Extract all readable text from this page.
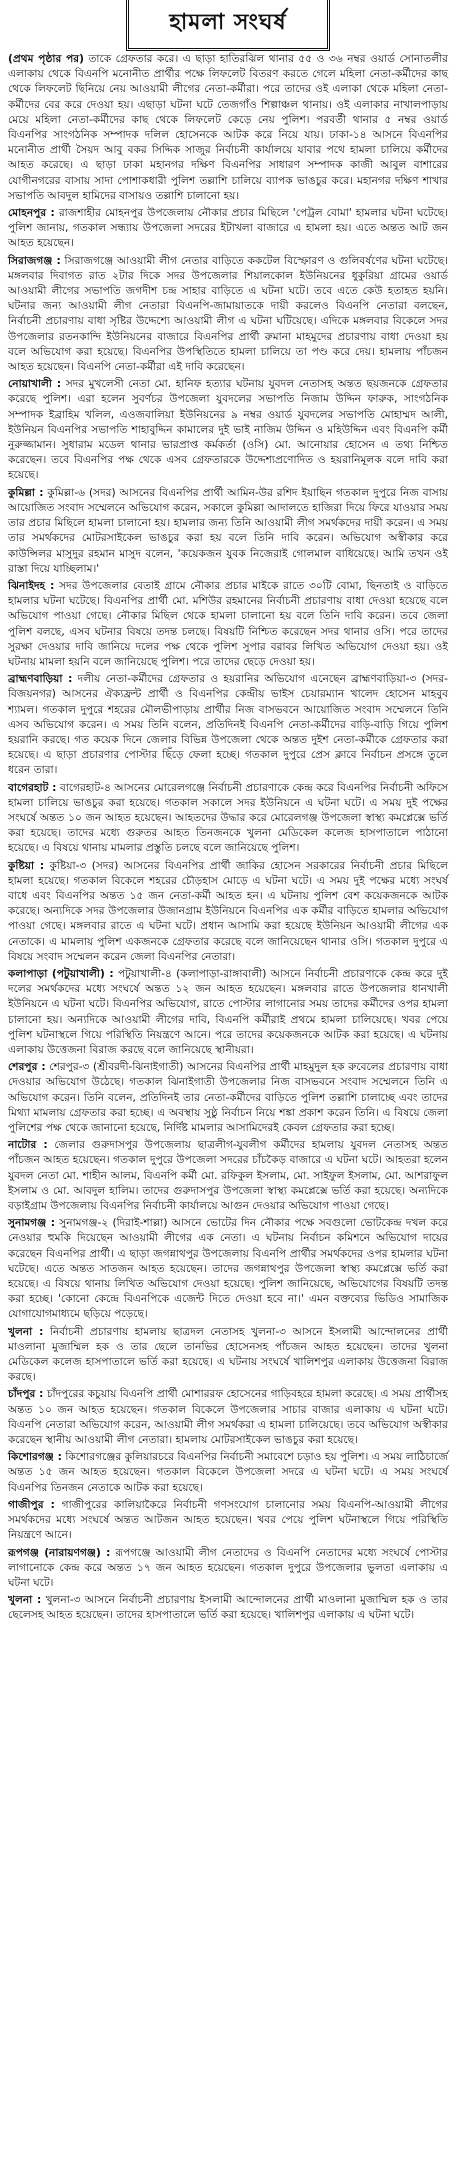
হামলা সংঘর্ষ

(প্রথম পৃষ্ঠার পর) তাকে গ্রেফতার করে। এ ছাড়া হাতিরঝিল থানার ৫৫ ও ৩৬ নম্বর ওয়ার্ড সোনাতলীর এলাকায় থেকে বিএনপি মনোনীত প্রার্থীর পক্ষে লিফলেট বিতরণ করতে গেলে মহিলা নেতা-কর্মীদের কাছ থেকে লিফলেট ছিনিয়ে নেয় আওয়ামী লীগের নেতা-কর্মীরা। পরে তাদের ওই এলাকা থেকে মহিলা নেতা-কর্মীদের বের করে দেওয়া হয়। এছাড়া ঘটনা ঘটে তেজগাঁও শিল্পাঞ্চল থানায়। ওই এলাকার নাখালপাড়ায় মেয়ে মহিলা নেতা-কর্মীদের কাছ থেকে লিফলেট কেড়ে নেয় পুলিশ। পরবর্তী থানার ৫ নম্বর ওয়ার্ড বিএনপির সাংগঠনিক সম্পাদক দলিল হোসেনকে আটক করে নিয়ে যায়। ঢাকা-১৪ আসনে বিএনপির মনোনীত প্রার্থী সৈয়দ আবু বকর সিদ্দিক সাজুর নির্বাচনী কার্যালয়ে যাবার পথে হামলা চালিয়ে কর্মীদের আহত করেছে। এ ছাড়া ঢাকা মহানগর দক্ষিণ বিএনপির সাধারণ সম্পাদক কাজী আবুল বাশারের যোগীনগরের বাসায় সাদা পোশাকধারী পুলিশ তল্লাশি চালিয়ে ব্যাপক ভাঙচুর করে। মহানগর দক্ষিণ শাখার সভাপতি আবদুল হামিদের বাসায়ও তল্লাশি চালানো হয়।

মোহনপুর : রাজশাহীর মোহনপুর উপজেলায় নৌকার প্রচার মিছিলে 'পেট্রল বোমা' হামলার ঘটনা ঘটেছে। পুলিশ জানায়, গতকাল সন্ধ্যায় উপজেলা সদরের ইটাখলা বাজারে এ হামলা হয়। এতে অন্তত আট জন আহত হয়েছেন।

সিরাজগঞ্জ : সিরাজগঞ্জে আওয়ামী লীগ নেতার বাড়িতে ককটেল বিস্ফোরণ ও গুলিবর্ষণের ঘটনা ঘটেছে। মঙ্গলবার দিবাগত রাত ২টার দিকে সদর উপজেলার শিয়ালকোল ইউনিয়নের ধুকুরিয়া গ্রামের ওয়ার্ড আওয়ামী লীগের সভাপতি জগদীশ চন্দ্র সাহার বাড়িতে এ ঘটনা ঘটে। তবে এতে কেউ হতাহত হয়নি। ঘটনার জন্য আওয়ামী লীগ নেতারা বিএনপি-জামায়াতকে দায়ী করলেও বিএনপি নেতারা বলছেন, নির্বাচনী প্রচারণায় বাধা সৃষ্টির উদ্দেশ্যে আওয়ামী লীগ এ ঘটনা ঘটিয়েছে। এদিকে মঙ্গলবার বিকেলে সদর উপজেলার রতনকান্দি ইউনিয়নের বাজারে বিএনপির প্রার্থী রুমানা মাহমুদের প্রচারণায় বাধা দেওয়া হয় বলে অভিযোগ করা হয়েছে। বিএনপির উপস্থিতিতে হামলা চালিয়ে তা পণ্ড করে দেয়। হামলায় পাঁচজন আহত হয়েছেন। বিএনপি নেতা-কর্মীরা এই দাবি করেছেন।

নোয়াখালী : সদর মুখলেসী নেতা মো. হানিফ হত্যার ঘটনায় যুবদল নেতাসহ অন্তত ছয়জনকে গ্রেফতার করেছে পুলিশ। এরা হলেন সুবর্ণচর উপজেলা যুবদলের সভাপতি নিজাম উদ্দিন ফারুক, সাংগঠনিক সম্পাদক ইব্রাহিম খলিল, এওজবালিয়া ইউনিয়নের ৯ নম্বর ওয়ার্ড যুবদলের সভাপতি মোহাম্মদ আলী, ইউনিয়ন বিএনপির সভাপতি শাহাবুদ্দিন কামালের দুই ভাই নাজিম উদ্দিন ও মহিউদ্দিন এবং বিএনপি কর্মী নুরুজ্জামান। সুধারাম মডেল থানার ভারপ্রাপ্ত কর্মকর্তা (ওসি) মো. আনোয়ার হোসেন এ তথ্য নিশ্চিত করেছেন। তবে বিএনপির পক্ষ থেকে এসব গ্রেফতারকে উদ্দেশ্যপ্রণোদিত ও হয়রানিমূলক বলে দাবি করা হয়েছে।

কুমিল্লা : কুমিল্লা-৬ (সদর) আসনের বিএনপির প্রার্থী আমিন-উর রশিদ ইয়াছিন গতকাল দুপুরে নিজ বাসায় আয়োজিত সংবাদ সম্মেলনে অভিযোগ করেন, সকালে কুমিল্লা আদালতে হাজিরা দিয়ে ফিরে যাওয়ার সময় তার প্রচার মিছিলে হামলা চালানো হয়। হামলার জন্য তিনি আওয়ামী লীগ সমর্থকদের দায়ী করেন। এ সময় তার সমর্থকদের মোটরসাইকেল ভাঙচুর করা হয় বলে তিনি দাবি করেন। অভিযোগ অস্বীকার করে কাউন্সিলর মাসুদুর রহমান মাসুদ বলেন, 'কয়েকজন যুবক নিজেরাই গোলমাল বাধিয়েছে। আমি তখন ওই রাস্তা দিয়ে যাচ্ছিলাম।'

ঝিনাইদহ : সদর উপজেলার বেতাই গ্রামে নৌকার প্রচার মাইকে রাতে ৩০টি বোমা, ছিনতাই ও বাড়িতে হামলার ঘটনা ঘটেছে। বিএনপির প্রার্থী মো. মশিউর রহমানের নির্বাচনী প্রচারণায় বাধা দেওয়া হয়েছে বলে অভিযোগ পাওয়া গেছে। নৌকার মিছিল থেকে হামলা চালানো হয় বলে তিনি দাবি করেন। তবে জেলা পুলিশ বলছে, এসব ঘটনার বিষয়ে তদন্ত চলছে। বিষয়টি নিশ্চিত করেছেন সদর থানার ওসি। পরে তাদের সুরক্ষা দেওয়ার দাবি জানিয়ে দলের পক্ষ থেকে পুলিশ সুপার বরাবর লিখিত অভিযোগ দেওয়া হয়। ওই ঘটনায় মামলা হয়নি বলে জানিয়েছে পুলিশ। পরে তাদের ছেড়ে দেওয়া হয়।

ব্রাহ্মণবাড়িয়া : দলীয় নেতা-কর্মীদের গ্রেফতার ও হয়রানির অভিযোগ এনেছেন ব্রাহ্মণবাড়িয়া-৩ (সদর-বিজয়নগর) আসনের ঐক্যফ্রন্ট প্রার্থী ও বিএনপির কেন্দ্রীয় ভাইস চেয়ারম্যান খালেদ হোসেন মাহবুব শ্যামল। গতকাল দুপুরে শহরের মৌলভীপাড়ায় প্রার্থীর নিজ বাসভবনে আয়োজিত সংবাদ সম্মেলনে তিনি এসব অভিযোগ করেন। এ সময় তিনি বলেন, প্রতিদিনই বিএনপি নেতা-কর্মীদের বাড়ি-বাড়ি গিয়ে পুলিশ হয়রানি করছে। গত কয়েক দিনে জেলার বিভিন্ন উপজেলা থেকে অন্তত দুইশ নেতা-কর্মীকে গ্রেফতার করা হয়েছে। এ ছাড়া প্রচারণার পোস্টার ছিঁড়ে ফেলা হচ্ছে। গতকাল দুপুরে প্রেস ক্লাবে নির্বাচন প্রসঙ্গে তুলে ধরেন তারা।

বাগেরহাট : বাগেরহাট-৪ আসনের মোরেলগঞ্জে নির্বাচনী প্রচারণাকে কেন্দ্র করে বিএনপির নির্বাচনী অফিসে হামলা চালিয়ে ভাঙচুর করা হয়েছে। গতকাল সকালে সদর ইউনিয়নে এ ঘটনা ঘটে। এ সময় দুই পক্ষের সংঘর্ষে অন্তত ১০ জন আহত হয়েছেন। আহতদের উদ্ধার করে মোরেলগঞ্জ উপজেলা স্বাস্থ্য কমপ্লেক্সে ভর্তি করা হয়েছে। তাদের মধ্যে গুরুতর আহত তিনজনকে খুলনা মেডিকেল কলেজ হাসপাতালে পাঠানো হয়েছে। এ বিষয়ে থানায় মামলার প্রস্তুতি চলছে বলে জানিয়েছে পুলিশ।

কুষ্টিয়া : কুষ্টিয়া-৩ (সদর) আসনের বিএনপির প্রার্থী জাকির হোসেন সরকারের নির্বাচনী প্রচার মিছিলে হামলা হয়েছে। গতকাল বিকেলে শহরের চৌড়হাস মোড়ে এ ঘটনা ঘটে। এ সময় দুই পক্ষের মধ্যে সংঘর্ষ বাধে এবং বিএনপির অন্তত ১৫ জন নেতা-কর্মী আহত হন। এ ঘটনায় পুলিশ বেশ কয়েকজনকে আটক করেছে। অন্যদিকে সদর উপজেলার উজানগ্রাম ইউনিয়নে বিএনপির এক কর্মীর বাড়িতে হামলার অভিযোগ পাওয়া গেছে। মঙ্গলবার রাতে এ ঘটনা ঘটে। প্রধান আসামি করা হয়েছে ইউনিয়ন আওয়ামী লীগের এক নেতাকে। এ মামলায় পুলিশ একজনকে গ্রেফতার করেছে বলে জানিয়েছেন থানার ওসি। গতকাল দুপুরে এ বিষয়ে সংবাদ সম্মেলন করেন জেলা বিএনপির নেতারা।

কলাপাড়া (পটুয়াখালী) : পটুয়াখালী-৪ (কলাপাড়া-রাঙ্গাবালী) আসনে নির্বাচনী প্রচারণাকে কেন্দ্র করে দুই দলের সমর্থকদের মধ্যে সংঘর্ষে অন্তত ১২ জন আহত হয়েছেন। মঙ্গলবার রাতে উপজেলার ধানখালী ইউনিয়নে এ ঘটনা ঘটে। বিএনপির অভিযোগ, রাতে পোস্টার লাগানোর সময় তাদের কর্মীদের ওপর হামলা চালানো হয়। অন্যদিকে আওয়ামী লীগের দাবি, বিএনপি কর্মীরাই প্রথমে হামলা চালিয়েছে। খবর পেয়ে পুলিশ ঘটনাস্থলে গিয়ে পরিস্থিতি নিয়ন্ত্রণে আনে। পরে তাদের কয়েকজনকে আটক করা হয়েছে। এ ঘটনায় এলাকায় উত্তেজনা বিরাজ করছে বলে জানিয়েছে স্থানীয়রা।

শেরপুর : শেরপুর-৩ (শ্রীবরদী-ঝিনাইগাতী) আসনের বিএনপির প্রার্থী মাহমুদুল হক রুবেলের প্রচারণায় বাধা দেওয়ার অভিযোগ উঠেছে। গতকাল ঝিনাইগাতী উপজেলার নিজ বাসভবনে সংবাদ সম্মেলনে তিনি এ অভিযোগ করেন। তিনি বলেন, প্রতিদিনই তার নেতা-কর্মীদের বাড়িতে পুলিশ তল্লাশি চালাচ্ছে এবং তাদের মিথ্যা মামলায় গ্রেফতার করা হচ্ছে। এ অবস্থায় সুষ্ঠু নির্বাচন নিয়ে শঙ্কা প্রকাশ করেন তিনি। এ বিষয়ে জেলা পুলিশের পক্ষ থেকে জানানো হয়েছে, নির্দিষ্ট মামলার আসামিদেরই কেবল গ্রেফতার করা হচ্ছে।

নাটোর : জেলার গুরুদাসপুর উপজেলায় ছাত্রলীগ-যুবলীগ কর্মীদের হামলায় যুবদল নেতাসহ অন্তত পাঁচজন আহত হয়েছেন। গতকাল দুপুরে উপজেলা সদরের চাঁচকৈড় বাজারে এ ঘটনা ঘটে। আহতরা হলেন যুবদল নেতা মো. শাহীন আলম, বিএনপি কর্মী মো. রফিকুল ইসলাম, মো. সাইফুল ইসলাম, মো. আশরাফুল ইসলাম ও মো. আবদুল হালিম। তাদের গুরুদাসপুর উপজেলা স্বাস্থ্য কমপ্লেক্সে ভর্তি করা হয়েছে। অন্যদিকে বড়াইগ্রাম উপজেলায় বিএনপির নির্বাচনী কার্যালয়ে আগুন দেওয়ার অভিযোগ পাওয়া গেছে।

সুনামগঞ্জ : সুনামগঞ্জ-২ (দিরাই-শাল্লা) আসনে ভোটের দিন নৌকার পক্ষে সবগুলো ভোটকেন্দ্র দখল করে নেওয়ার হুমকি দিয়েছেন আওয়ামী লীগের এক নেতা। এ ঘটনায় নির্বাচন কমিশনে অভিযোগ দায়ের করেছেন বিএনপির প্রার্থী। এ ছাড়া জগন্নাথপুর উপজেলায় বিএনপি প্রার্থীর সমর্থকদের ওপর হামলার ঘটনা ঘটেছে। এতে অন্তত সাতজন আহত হয়েছেন। তাদের জগন্নাথপুর উপজেলা স্বাস্থ্য কমপ্লেক্সে ভর্তি করা হয়েছে। এ বিষয়ে থানায় লিখিত অভিযোগ দেওয়া হয়েছে। পুলিশ জানিয়েছে, অভিযোগের বিষয়টি তদন্ত করা হচ্ছে। 'কোনো কেন্দ্রে বিএনপিকে এজেন্ট দিতে দেওয়া হবে না।' এমন বক্তব্যের ভিডিও সামাজিক যোগাযোগমাধ্যমে ছড়িয়ে পড়েছে।

খুলনা : নির্বাচনী প্রচারণায় হামলায় ছাত্রদল নেতাসহ খুলনা-৩ আসনে ইসলামী আন্দোলনের প্রার্থী মাওলানা মুজাম্মিল হক ও তার ছেলে তানভির হোসেনসহ পাঁচজন আহত হয়েছেন। তাদের খুলনা মেডিকেল কলেজ হাসপাতালে ভর্তি করা হয়েছে। এ ঘটনায় সংঘর্ষে খালিশপুর এলাকায় উত্তেজনা বিরাজ করছে।

চাঁদপুর : চাঁদপুরের কচুয়ায় বিএনপি প্রার্থী মোশাররফ হোসেনের গাড়িবহরে হামলা করেছে। এ সময় প্রার্থীসহ অন্তত ১০ জন আহত হয়েছেন। গতকাল বিকেলে উপজেলার সাচার বাজার এলাকায় এ ঘটনা ঘটে। বিএনপি নেতারা অভিযোগ করেন, আওয়ামী লীগ সমর্থকরা এ হামলা চালিয়েছে। তবে অভিযোগ অস্বীকার করেছেন স্থানীয় আওয়ামী লীগ নেতারা। হামলায় মোটরসাইকেল ভাঙচুর করা হয়েছে।

কিশোরগঞ্জ : কিশোরগঞ্জের কুলিয়ারচরে বিএনপির নির্বাচনী সমাবেশে চড়াও হয় পুলিশ। এ সময় লাঠিচার্জে অন্তত ১৫ জন আহত হয়েছেন। গতকাল বিকেলে উপজেলা সদরে এ ঘটনা ঘটে। এ সময় সংঘর্ষে বিএনপির তিনজন নেতাকে আটক করা হয়েছে।

গাজীপুর : গাজীপুরের কালিয়াকৈরে নির্বাচনী গণসংযোগ চালানোর সময় বিএনপি-আওয়ামী লীগের সমর্থকদের মধ্যে সংঘর্ষে অন্তত আটজন আহত হয়েছেন। খবর পেয়ে পুলিশ ঘটনাস্থলে গিয়ে পরিস্থিতি নিয়ন্ত্রণে আনে।

রূপগঞ্জ (নারায়ণগঞ্জ) : রূপগঞ্জে আওয়ামী লীগ নেতাদের ও বিএনপি নেতাদের মধ্যে সংঘর্ষে পোস্টার লাগানোকে কেন্দ্র করে অন্তত ১৭ জন আহত হয়েছেন। গতকাল দুপুরে উপজেলার ভুলতা এলাকায় এ ঘটনা ঘটে।

খুলনা : খুলনা-৩ আসনে নির্বাচনী প্রচারণায় ইসলামী আন্দোলনের প্রার্থী মাওলানা মুজাম্মিল হক ও তার ছেলেসহ আহত হয়েছেন। তাদের হাসপাতালে ভর্তি করা হয়েছে। খালিশপুর এলাকায় এ ঘটনা ঘটে।
